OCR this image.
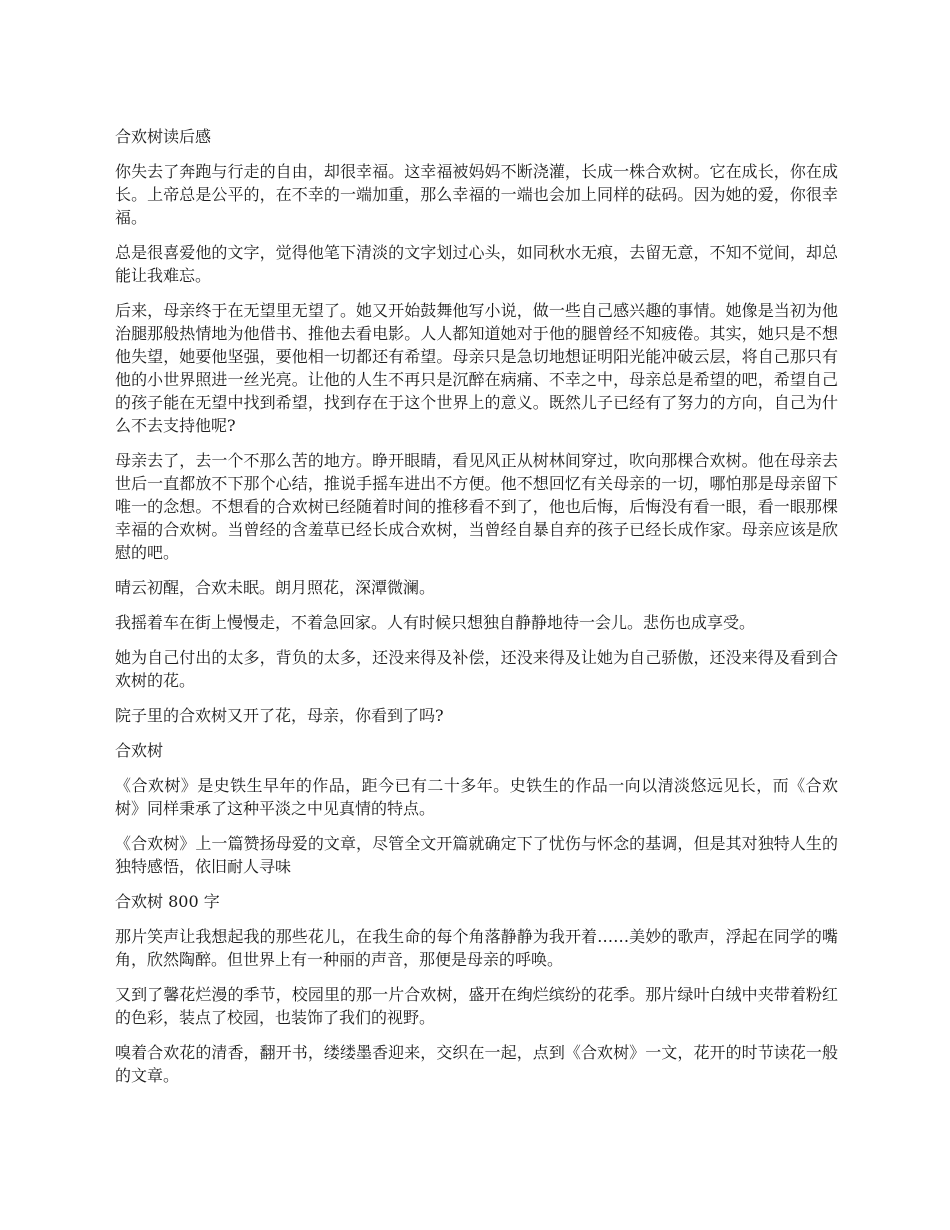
合欢树读后感

你失去了奔跑与行走的自由，却很幸福。这幸福被妈妈不断浇灌，长成一株合欢树。它在成长，你在成长。上帝总是公平的，在不幸的一端加重，那么幸福的一端也会加上同样的砝码。因为她的爱，你很幸福。

总是很喜爱他的文字，觉得他笔下清淡的文字划过心头，如同秋水无痕，去留无意，不知不觉间，却总能让我难忘。

后来，母亲终于在无望里无望了。她又开始鼓舞他写小说，做一些自己感兴趣的事情。她像是当初为他治腿那般热情地为他借书、推他去看电影。人人都知道她对于他的腿曾经不知疲倦。其实，她只是不想他失望，她要他坚强，要他相一切都还有希望。母亲只是急切地想证明阳光能冲破云层，将自己那只有他的小世界照进一丝光亮。让他的人生不再只是沉醉在病痛、不幸之中，母亲总是希望的吧，希望自己的孩子能在无望中找到希望，找到存在于这个世界上的意义。既然儿子已经有了努力的方向，自己为什么不去支持他呢?

母亲去了，去一个不那么苦的地方。睁开眼睛，看见风正从树林间穿过，吹向那棵合欢树。他在母亲去世后一直都放不下那个心结，推说手摇车进出不方便。他不想回忆有关母亲的一切，哪怕那是母亲留下唯一的念想。不想看的合欢树已经随着时间的推移看不到了，他也后悔，后悔没有看一眼，看一眼那棵幸福的合欢树。当曾经的含羞草已经长成合欢树，当曾经自暴自弃的孩子已经长成作家。母亲应该是欣慰的吧。

晴云初醒，合欢未眠。朗月照花，深潭微澜。

我摇着车在街上慢慢走，不着急回家。人有时候只想独自静静地待一会儿。悲伤也成享受。

她为自己付出的太多，背负的太多，还没来得及补偿，还没来得及让她为自己骄傲，还没来得及看到合欢树的花。

院子里的合欢树又开了花，母亲，你看到了吗?

合欢树

《合欢树》是史铁生早年的作品，距今已有二十多年。史铁生的作品一向以清淡悠远见长，而《合欢树》同样秉承了这种平淡之中见真情的特点。

《合欢树》上一篇赞扬母爱的文章，尽管全文开篇就确定下了忧伤与怀念的基调，但是其对独特人生的独特感悟，依旧耐人寻味

合欢树 800 字

那片笑声让我想起我的那些花儿，在我生命的每个角落静静为我开着……美妙的歌声，浮起在同学的嘴角，欣然陶醉。但世界上有一种丽的声音，那便是母亲的呼唤。

又到了馨花烂漫的季节，校园里的那一片合欢树，盛开在绚烂缤纷的花季。那片绿叶白绒中夹带着粉红的色彩，装点了校园，也装饰了我们的视野。

嗅着合欢花的清香，翻开书，缕缕墨香迎来，交织在一起，点到《合欢树》一文，花开的时节读花一般的文章。
